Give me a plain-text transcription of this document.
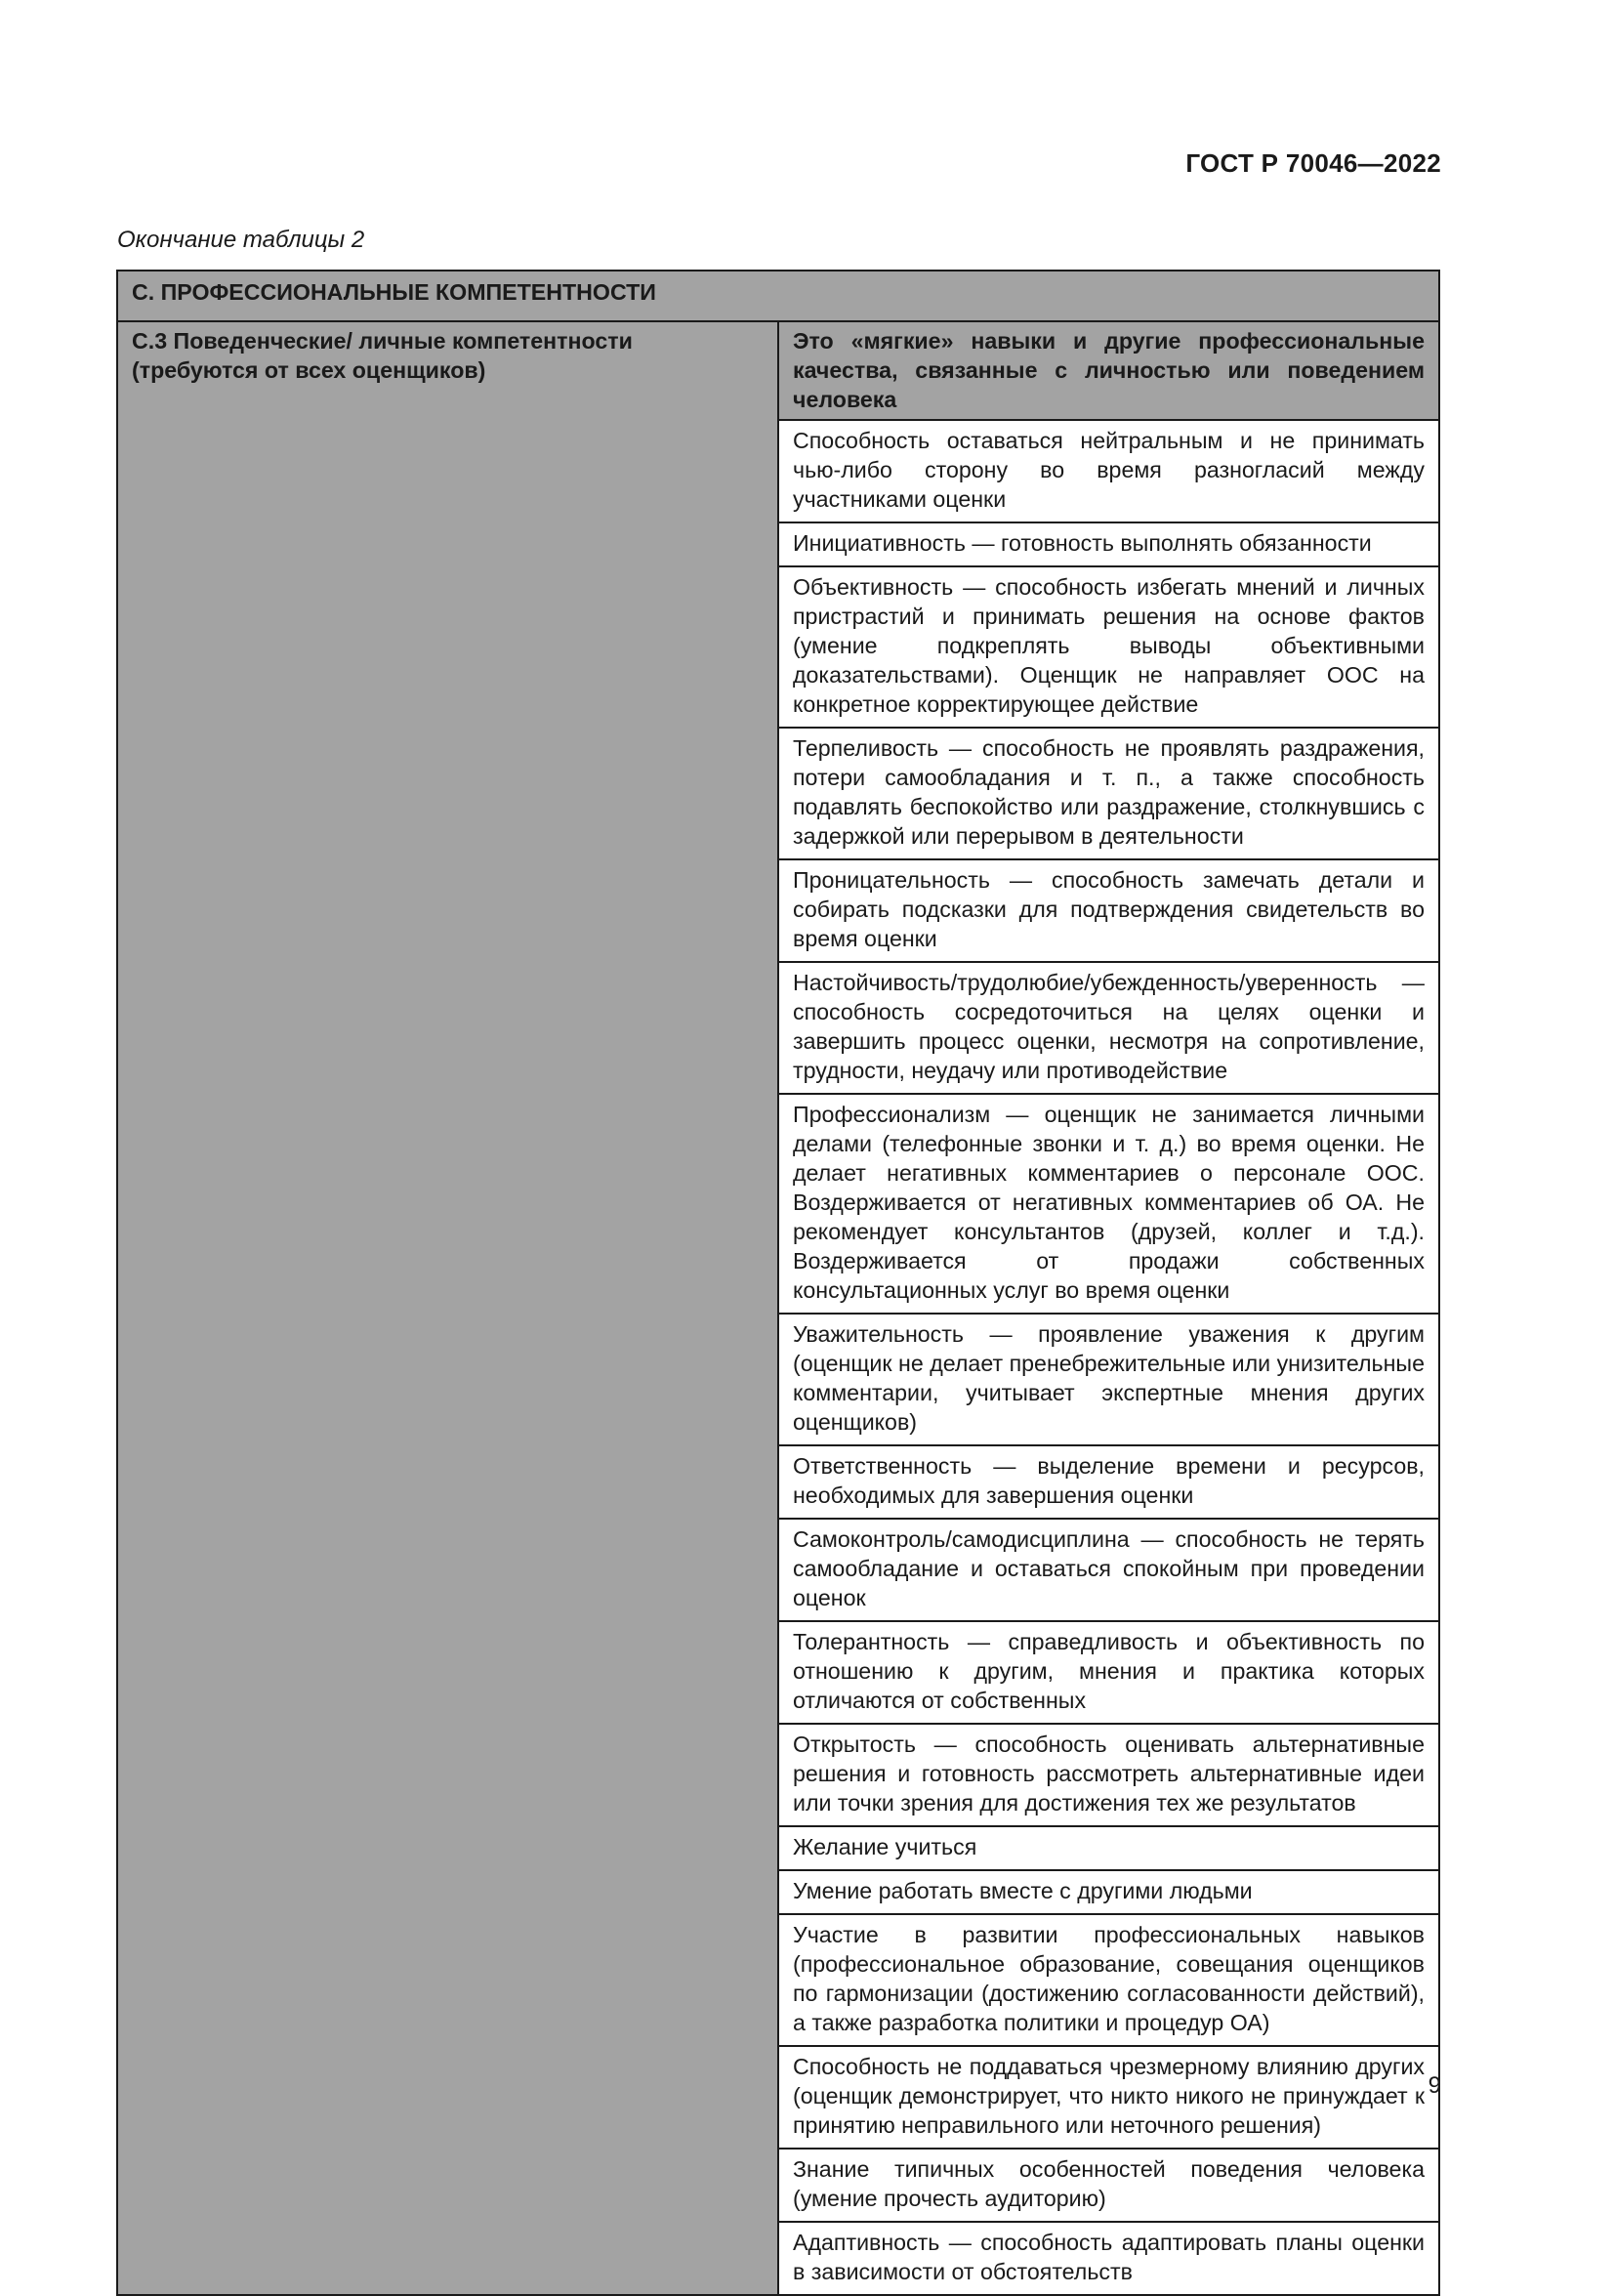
ГОСТ Р 70046—2022
Окончание таблицы 2
С. ПРОФЕССИОНАЛЬНЫЕ КОМПЕТЕНТНОСТИ
С.3 Поведенческие/ личные компетентности (требуются от всех оценщиков)	Это «мягкие» навыки и другие профессиональные качества, связанные с личностью или поведением человека
Способность оставаться нейтральным и не принимать чью-либо сторону во время разногласий между участниками оценки
Инициативность — готовность выполнять обязанности
Объективность — способность избегать мнений и личных пристрастий и принимать решения на основе фактов (умение подкреплять выводы объективными доказательствами). Оценщик не направляет ООС на конкретное корректирующее действие
Терпеливость — способность не проявлять раздражения, потери самообладания и т. п., а также способность подавлять беспокойство или раздражение, столкнувшись с задержкой или перерывом в деятельности
Проницательность — способность замечать детали и собирать подсказки для подтверждения свидетельств во время оценки
Настойчивость/трудолюбие/убежденность/уверенность — способность сосредоточиться на целях оценки и завершить процесс оценки, несмотря на сопротивление, трудности, неудачу или противодействие
Профессионализм — оценщик не занимается личными делами (телефонные звонки и т. д.) во время оценки. Не делает негативных комментариев о персонале ООС. Воздерживается от негативных комментариев об ОА. Не рекомендует консультантов (друзей, коллег и т.д.). Воздерживается от продажи собственных консультационных услуг во время оценки
Уважительность — проявление уважения к другим (оценщик не делает пренебрежительные или унизительные комментарии, учитывает экспертные мнения других оценщиков)
Ответственность — выделение времени и ресурсов, необходимых для завершения оценки
Самоконтроль/самодисциплина — способность не терять самообладание и оставаться спокойным при проведении оценок
Толерантность — справедливость и объективность по отношению к другим, мнения и практика которых отличаются от собственных
Открытость — способность оценивать альтернативные решения и готовность рассмотреть альтернативные идеи или точки зрения для достижения тех же результатов
Желание учиться
Умение работать вместе с другими людьми
Участие в развитии профессиональных навыков (профессиональное образование, совещания оценщиков по гармонизации (достижению согласованности действий), а также разработка политики и процедур ОА)
Способность не поддаваться чрезмерному влиянию других (оценщик демонстрирует, что никто никого не принуждает к принятию неправильного или неточного решения)
Знание типичных особенностей поведения человека (умение прочесть аудиторию)
Адаптивность — способность адаптировать планы оценки в зависимости от обстоятельств
9
